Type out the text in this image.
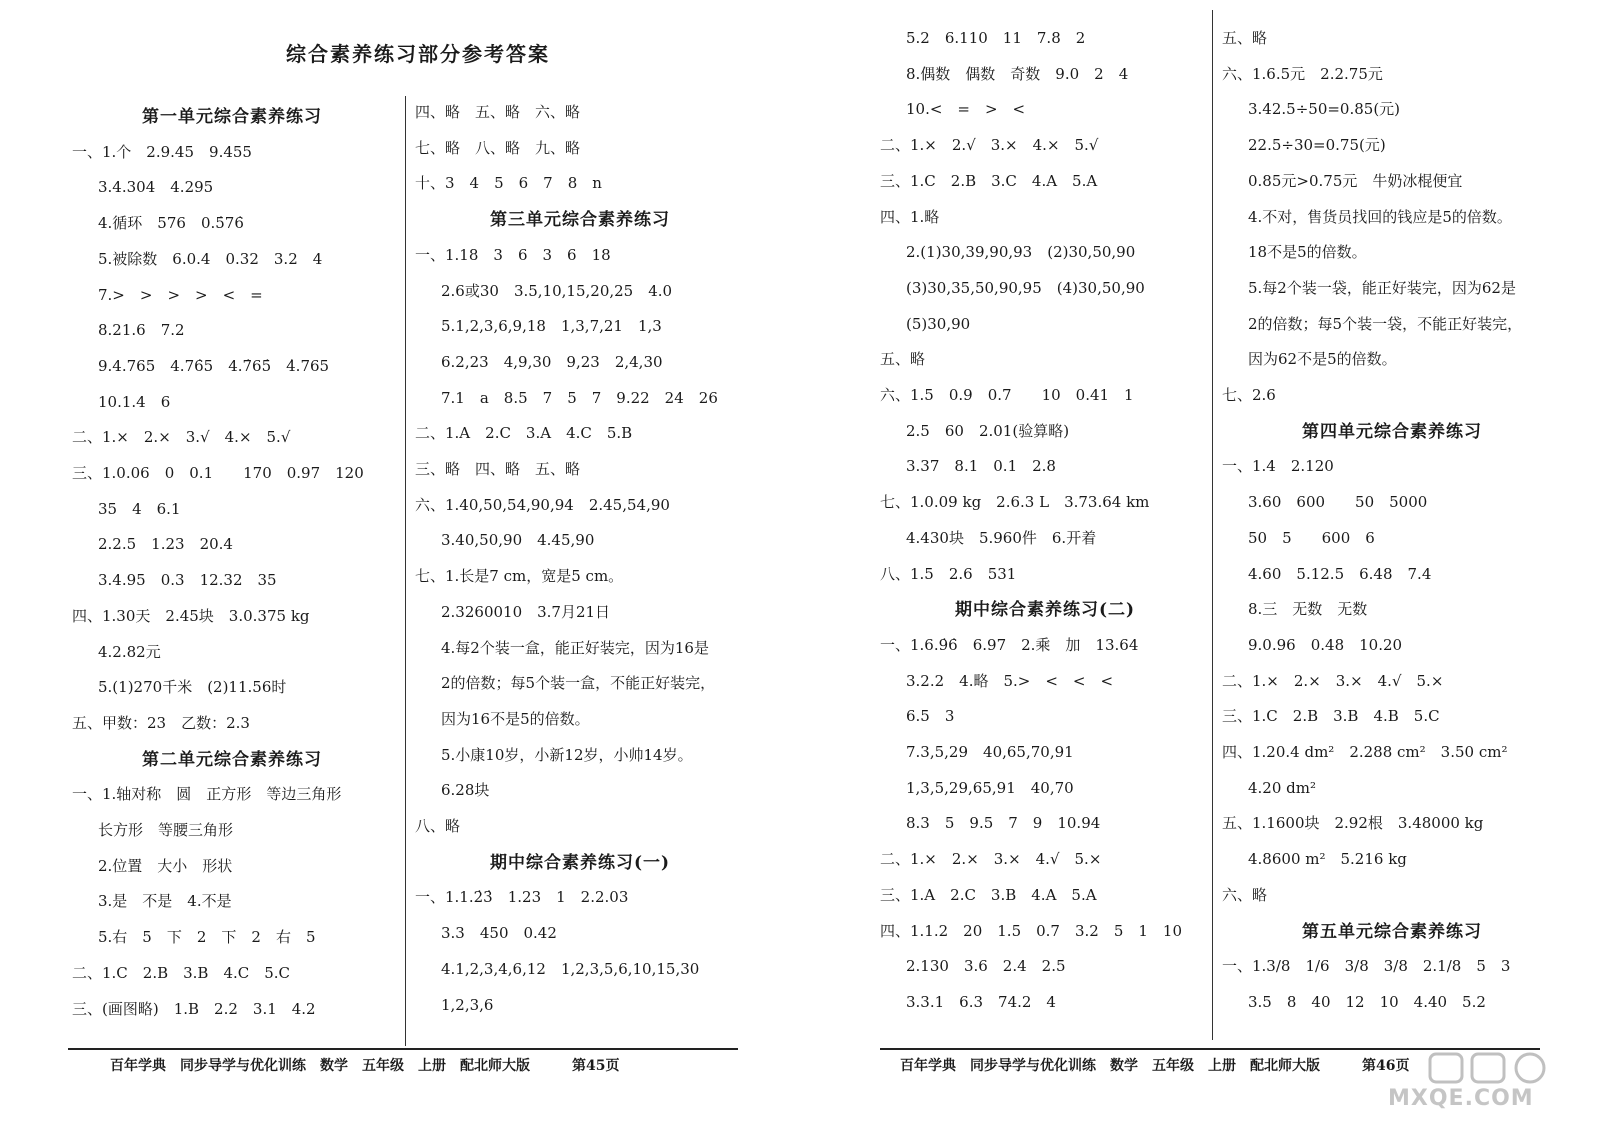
综合素养练习部分参考答案
百年学典　同步导学与优化训练　数学　五年级　上册　配北师大版　　　第45页
第一单元综合素养练习
一、1.个　2.9.45　9.455
3.4.304　4.295
4.循环　576　0.5̇76̇
5.被除数　6.0.4　0.32　3.2　4
7.>　>　>　>　<　=
8.21.6　7.2
9.4.765　4.76̇5　4.7̇65̇　4̇.765
10.1.4　6
二、1.×　2.×　3.√　4.×　5.√
三、1.0.06　0　0.1　　170　0.97　120
35　4　6.1
2.2.5　1.23　20.4
3.4.95　0.3　12.32　35
四、1.30天　2.45块　3.0.375 kg
4.2.82元
5.(1)270千米　(2)11.56时
五、甲数：23　乙数：2.3
第二单元综合素养练习
一、1.轴对称　圆　正方形　等边三角形
长方形　等腰三角形
2.位置　大小　形状
3.是　不是　4.不是
5.右　5　下　2　下　2　右　5
二、1.C　2.B　3.B　4.C　5.C
三、(画图略)　1.B　2.2　3.1　4.2
四、略　五、略　六、略
七、略　八、略　九、略
十、3　4　5　6　7　8　n
第三单元综合素养练习
一、1.18　3　6　3　6　18
2.6或30　3.5,10,15,20,25　4.0
5.1,2,3,6,9,18　1,3,7,21　1,3
6.2,23　4,9,30　9,23　2,4,30
7.1　a　8.5　7　5　7　9.22　24　26
二、1.A　2.C　3.A　4.C　5.B
三、略　四、略　五、略
六、1.40,50,54,90,94　2.45,54,90
3.40,50,90　4.45,90
七、1.长是7 cm，宽是5 cm。
2.3260010　3.7月21日
4.每2个装一盒，能正好装完，因为16是
2的倍数；每5个装一盒，不能正好装完，
因为16不是5的倍数。
5.小康10岁，小新12岁，小帅14岁。
6.28块
八、略
期中综合素养练习(一)
一、1.1.2̇3̇　1.23　1　2.2.03
3.3　450　0.42
4.1,2,3,4,6,12　1,2,3,5,6,10,15,30
1,2,3,6
百年学典　同步导学与优化训练　数学　五年级　上册　配北师大版　　　第46页
5.2　6.110　11　7.8　2
8.偶数　偶数　奇数　9.0　2　4
10.<　=　>　<
二、1.×　2.√　3.×　4.×　5.√
三、1.C　2.B　3.C　4.A　5.A
四、1.略
2.(1)30,39,90,93　(2)30,50,90
(3)30,35,50,90,95　(4)30,50,90
(5)30,90
五、略
六、1.5　0.9　0.7　　10　0.41　1
2.5　60　2.01(验算略)
3.37　8.1　0.1　2.8
七、1.0.09 kg　2.6.3 L　3.73.64 km
4.430块　5.960件　6.开着
八、1.5　2.6　531
期中综合素养练习(二)
一、1.6.9̇6̇　6.97　2.乘　加　13.64
3.2.2　4.略　5.>　<　<　<
6.5　3
7.3,5,29　40,65,70,91
1,3,5,29,65,91　40,70
8.3　5　9.5　7　9　10.94
二、1.×　2.×　3.×　4.√　5.×
三、1.A　2.C　3.B　4.A　5.A
四、1.1.2　20　1.5　0.7　3.2　5　1　10
2.130　3.6　2.4　2.5
3.3.1　6.3　74.2　4
五、略
六、1.6.5元　2.2.75元
3.42.5÷50=0.85(元)
22.5÷30=0.75(元)
0.85元>0.75元　牛奶冰棍便宜
4.不对，售货员找回的钱应是5的倍数。
18不是5的倍数。
5.每2个装一袋，能正好装完，因为62是
2的倍数；每5个装一袋，不能正好装完，
因为62不是5的倍数。
七、2.6
第四单元综合素养练习
一、1.4　2.120
3.60　600　　50　5000
50　5　　600　6
4.60　5.12.5　6.48　7.4
8.三　无数　无数
9.0.96　0.48　10.20
二、1.×　2.×　3.×　4.√　5.×
三、1.C　2.B　3.B　4.B　5.C
四、1.20.4 dm²　2.288 cm²　3.50 cm²
4.20 dm²
五、1.1600块　2.92根　3.48000 kg
4.8600 m²　5.216 kg
六、略
第五单元综合素养练习
一、1.3/8　1/6　3/8　3/8　2.1/8　5　3
3.5　8　40　12　10　4.40　5.2
MXQE.COM
